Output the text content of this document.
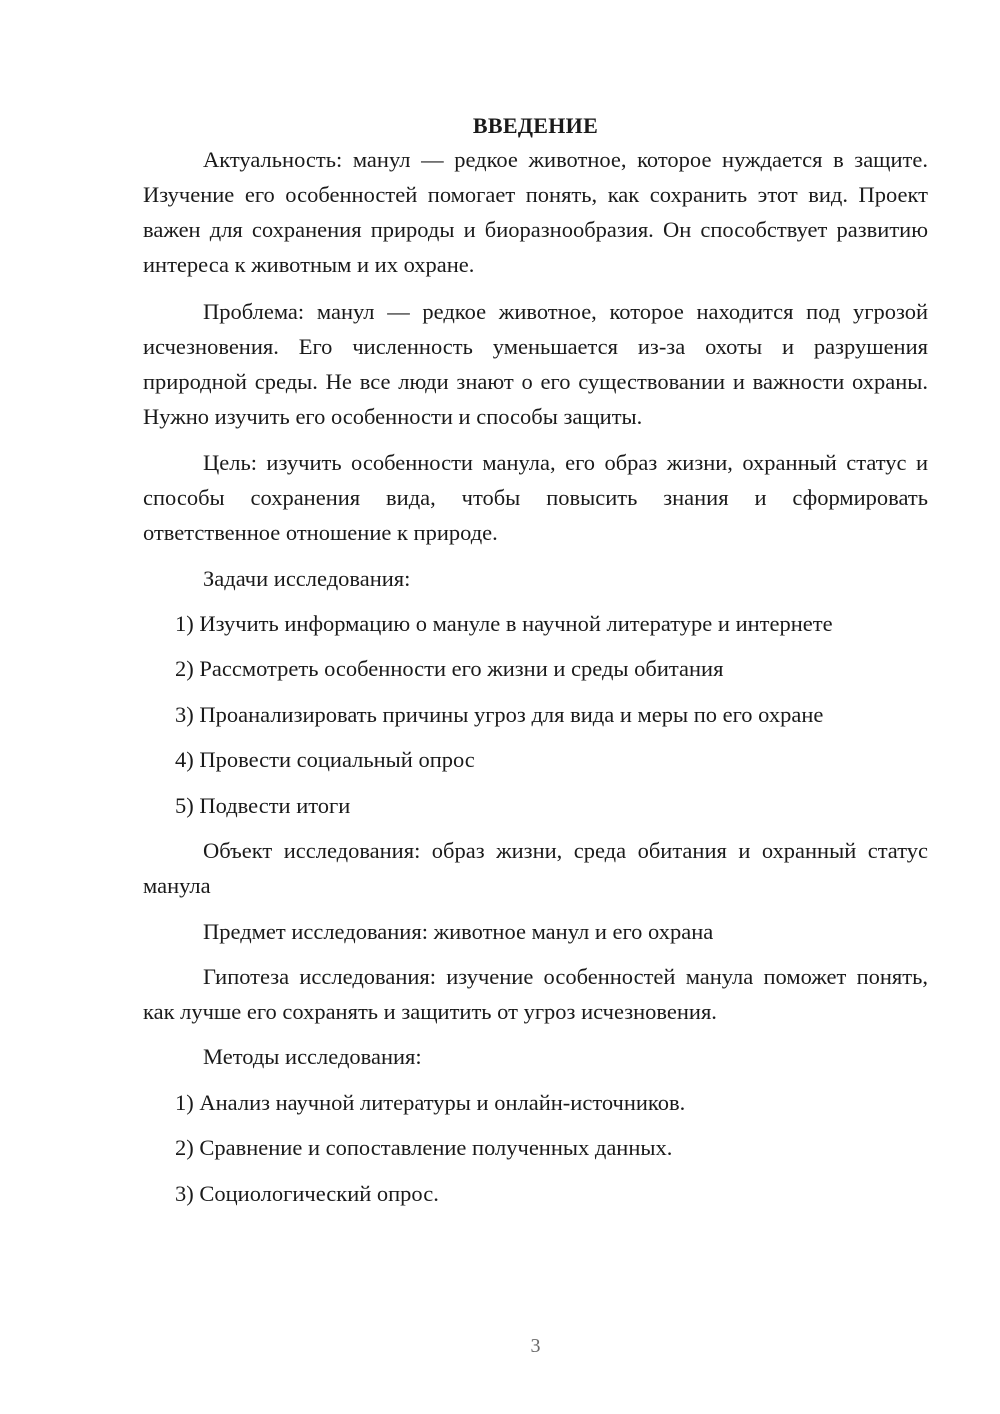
ВВЕДЕНИЕ

Актуальность: манул — редкое животное, которое нуждается в защите. Изучение его особенностей помогает понять, как сохранить этот вид. Проект важен для сохранения природы и биоразнообразия. Он способствует развитию интереса к животным и их охране.

Проблема: манул — редкое животное, которое находится под угрозой исчезновения. Его численность уменьшается из-за охоты и разрушения природной среды. Не все люди знают о его существовании и важности охраны. Нужно изучить его особенности и способы защиты.

Цель: изучить особенности манула, его образ жизни, охранный статус и способы сохранения вида, чтобы повысить знания и сформировать ответственное отношение к природе.

Задачи исследования:

1) Изучить информацию о мануле в научной литературе и интернете

2) Рассмотреть особенности его жизни и среды обитания

3) Проанализировать причины угроз для вида и меры по его охране

4) Провести социальный опрос

5) Подвести итоги

Объект исследования: образ жизни, среда обитания и охранный статус манула

Предмет исследования: животное манул и его охрана

Гипотеза исследования: изучение особенностей манула поможет понять, как лучше его сохранять и защитить от угроз исчезновения.

Методы исследования:

1) Анализ научной литературы и онлайн-источников.

2) Сравнение и сопоставление полученных данных.

3) Социологический опрос.

3
